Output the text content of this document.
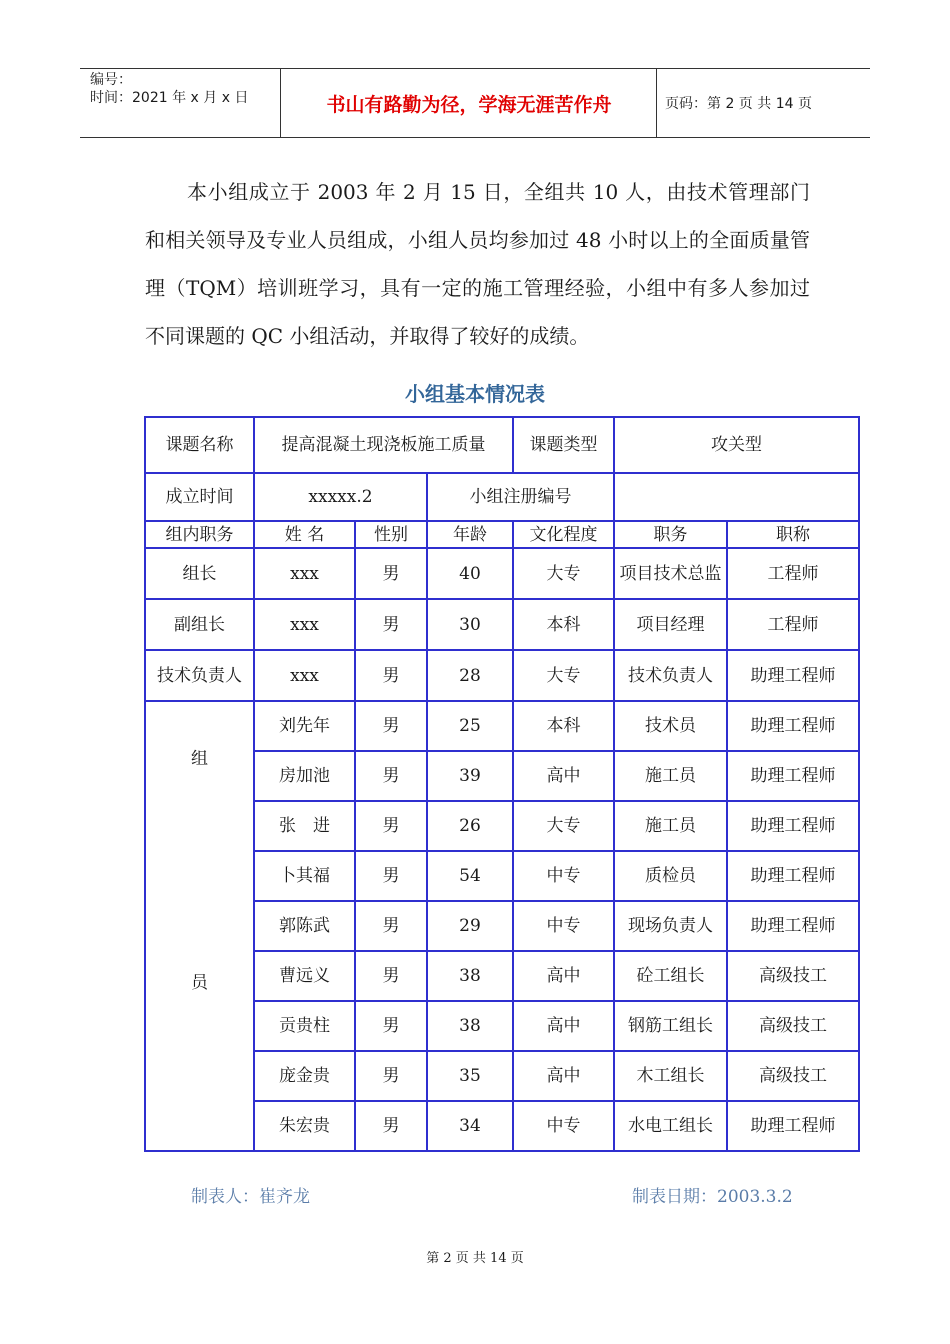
编号：
时间：2021 年 x 月 x 日	书山有路勤为径，学海无涯苦作舟	页码：第 2 页 共 14 页
本小组成立于 2003 年 2 月 15 日，全组共 10 人，由技术管理部门和相关领导及专业人员组成，小组人员均参加过 48 小时以上的全面质量管理（TQM）培训班学习，具有一定的施工管理经验，小组中有多人参加过不同课题的 QC 小组活动，并取得了较好的成绩。
小组基本情况表
课题名称	提高混凝土现浇板施工质量			课题类型	攻关型	
成立时间	xxxxx.2		小组注册编号			
组内职务	姓 名	性别	年龄	文化程度	职务	职称
组长	xxx	男	40	大专	项目技术总监	工程师
副组长	xxx	男	30	本科	项目经理	工程师
技术负责人	xxx	男	28	大专	技术负责人	助理工程师

组
员	刘先年	男	25	本科	技术员	助理工程师
	房加池	男	39	高中	施工员	助理工程师
	张　进	男	26	大专	施工员	助理工程师
	卜其福	男	54	中专	质检员	助理工程师
	郭陈武	男	29	中专	现场负责人	助理工程师
	曹远义	男	38	高中	砼工组长	高级技工
	贡贵柱	男	38	高中	钢筋工组长	高级技工
	庞金贵	男	35	高中	木工组长	高级技工
	朱宏贵	男	34	中专	水电工组长	助理工程师
制表人：崔齐龙	制表日期：2003.3.2
第 2 页 共 14 页
